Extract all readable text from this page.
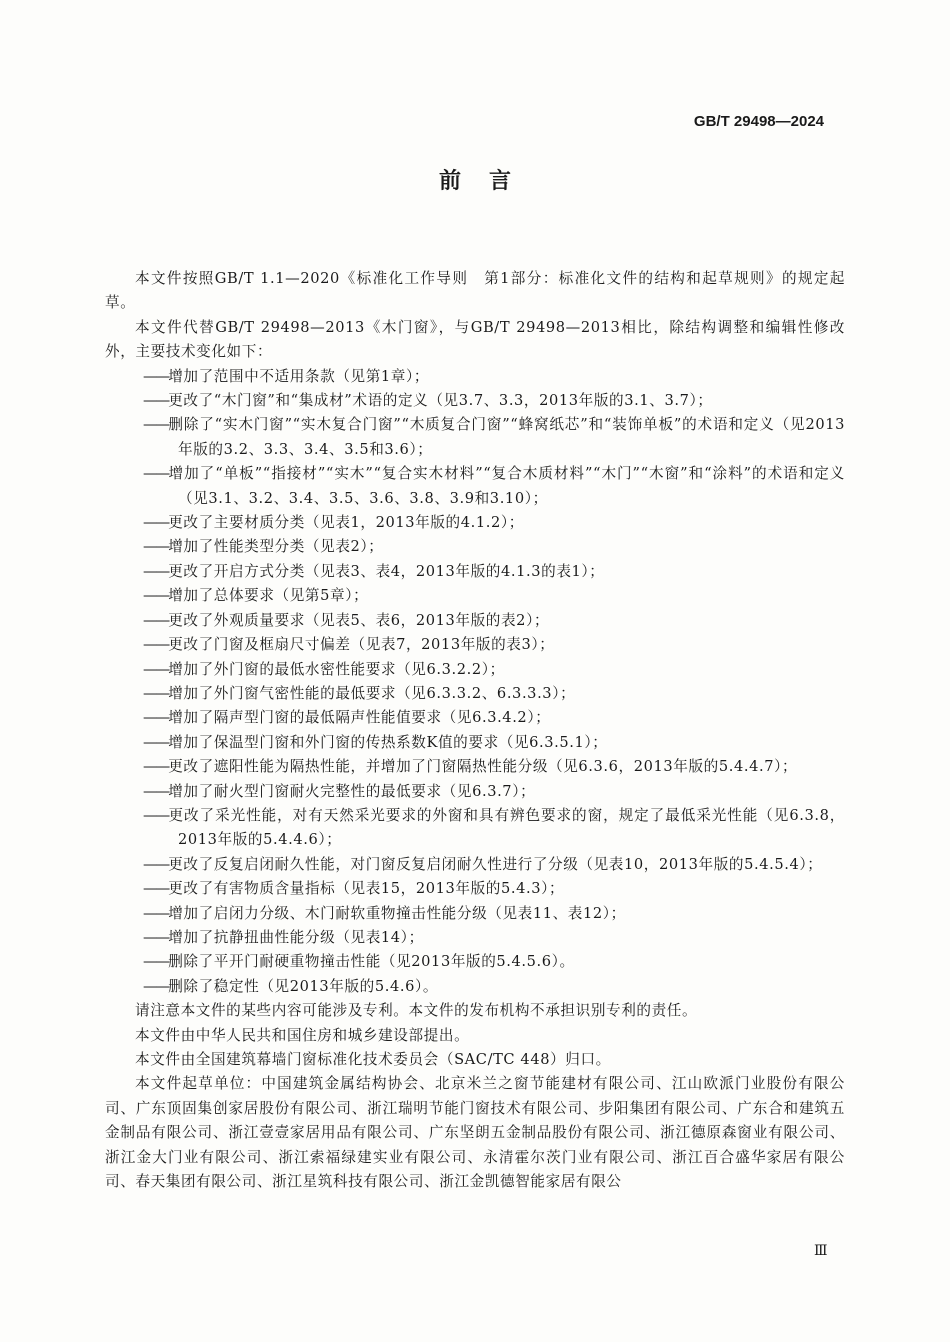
GB/T 29498—2024
前言

本文件按照GB/T 1.1—2020《标准化工作导则　第1部分：标准化文件的结构和起草规则》的规定起草。

本文件代替GB/T 29498—2013《木门窗》，与GB/T 29498—2013相比，除结构调整和编辑性修改外，主要技术变化如下：

——增加了范围中不适用条款（见第1章）；

——更改了“木门窗”和“集成材”术语的定义（见3.7、3.3，2013年版的3.1、3.7）；

——删除了“实木门窗”“实木复合门窗”“木质复合门窗”“蜂窝纸芯”和“装饰单板”的术语和定义（见2013年版的3.2、3.3、3.4、3.5和3.6）；

——增加了“单板”“指接材”“实木”“复合实木材料”“复合木质材料”“木门”“木窗”和“涂料”的术语和定义（见3.1、3.2、3.4、3.5、3.6、3.8、3.9和3.10）；

——更改了主要材质分类（见表1，2013年版的4.1.2）；

——增加了性能类型分类（见表2）；

——更改了开启方式分类（见表3、表4，2013年版的4.1.3的表1）；

——增加了总体要求（见第5章）；

——更改了外观质量要求（见表5、表6，2013年版的表2）；

——更改了门窗及框扇尺寸偏差（见表7，2013年版的表3）；

——增加了外门窗的最低水密性能要求（见6.3.2.2）；

——增加了外门窗气密性能的最低要求（见6.3.3.2、6.3.3.3）；

——增加了隔声型门窗的最低隔声性能值要求（见6.3.4.2）；

——增加了保温型门窗和外门窗的传热系数K值的要求（见6.3.5.1）；

——更改了遮阳性能为隔热性能，并增加了门窗隔热性能分级（见6.3.6，2013年版的5.4.4.7）；

——增加了耐火型门窗耐火完整性的最低要求（见6.3.7）；

——更改了采光性能，对有天然采光要求的外窗和具有辨色要求的窗，规定了最低采光性能（见6.3.8，2013年版的5.4.4.6）；

——更改了反复启闭耐久性能，对门窗反复启闭耐久性进行了分级（见表10，2013年版的5.4.5.4）；

——更改了有害物质含量指标（见表15，2013年版的5.4.3）；

——增加了启闭力分级、木门耐软重物撞击性能分级（见表11、表12）；

——增加了抗静扭曲性能分级（见表14）；

——删除了平开门耐硬重物撞击性能（见2013年版的5.4.5.6）。

——删除了稳定性（见2013年版的5.4.6）。

请注意本文件的某些内容可能涉及专利。本文件的发布机构不承担识别专利的责任。

本文件由中华人民共和国住房和城乡建设部提出。

本文件由全国建筑幕墙门窗标准化技术委员会（SAC/TC 448）归口。

本文件起草单位：中国建筑金属结构协会、北京米兰之窗节能建材有限公司、江山欧派门业股份有限公司、广东顶固集创家居股份有限公司、浙江瑞明节能门窗技术有限公司、步阳集团有限公司、广东合和建筑五金制品有限公司、浙江壹壹家居用品有限公司、广东坚朗五金制品股份有限公司、浙江德原森窗业有限公司、浙江金大门业有限公司、浙江索福绿建实业有限公司、永清霍尔茨门业有限公司、浙江百合盛华家居有限公司、春天集团有限公司、浙江星筑科技有限公司、浙江金凯德智能家居有限公

Ⅲ
